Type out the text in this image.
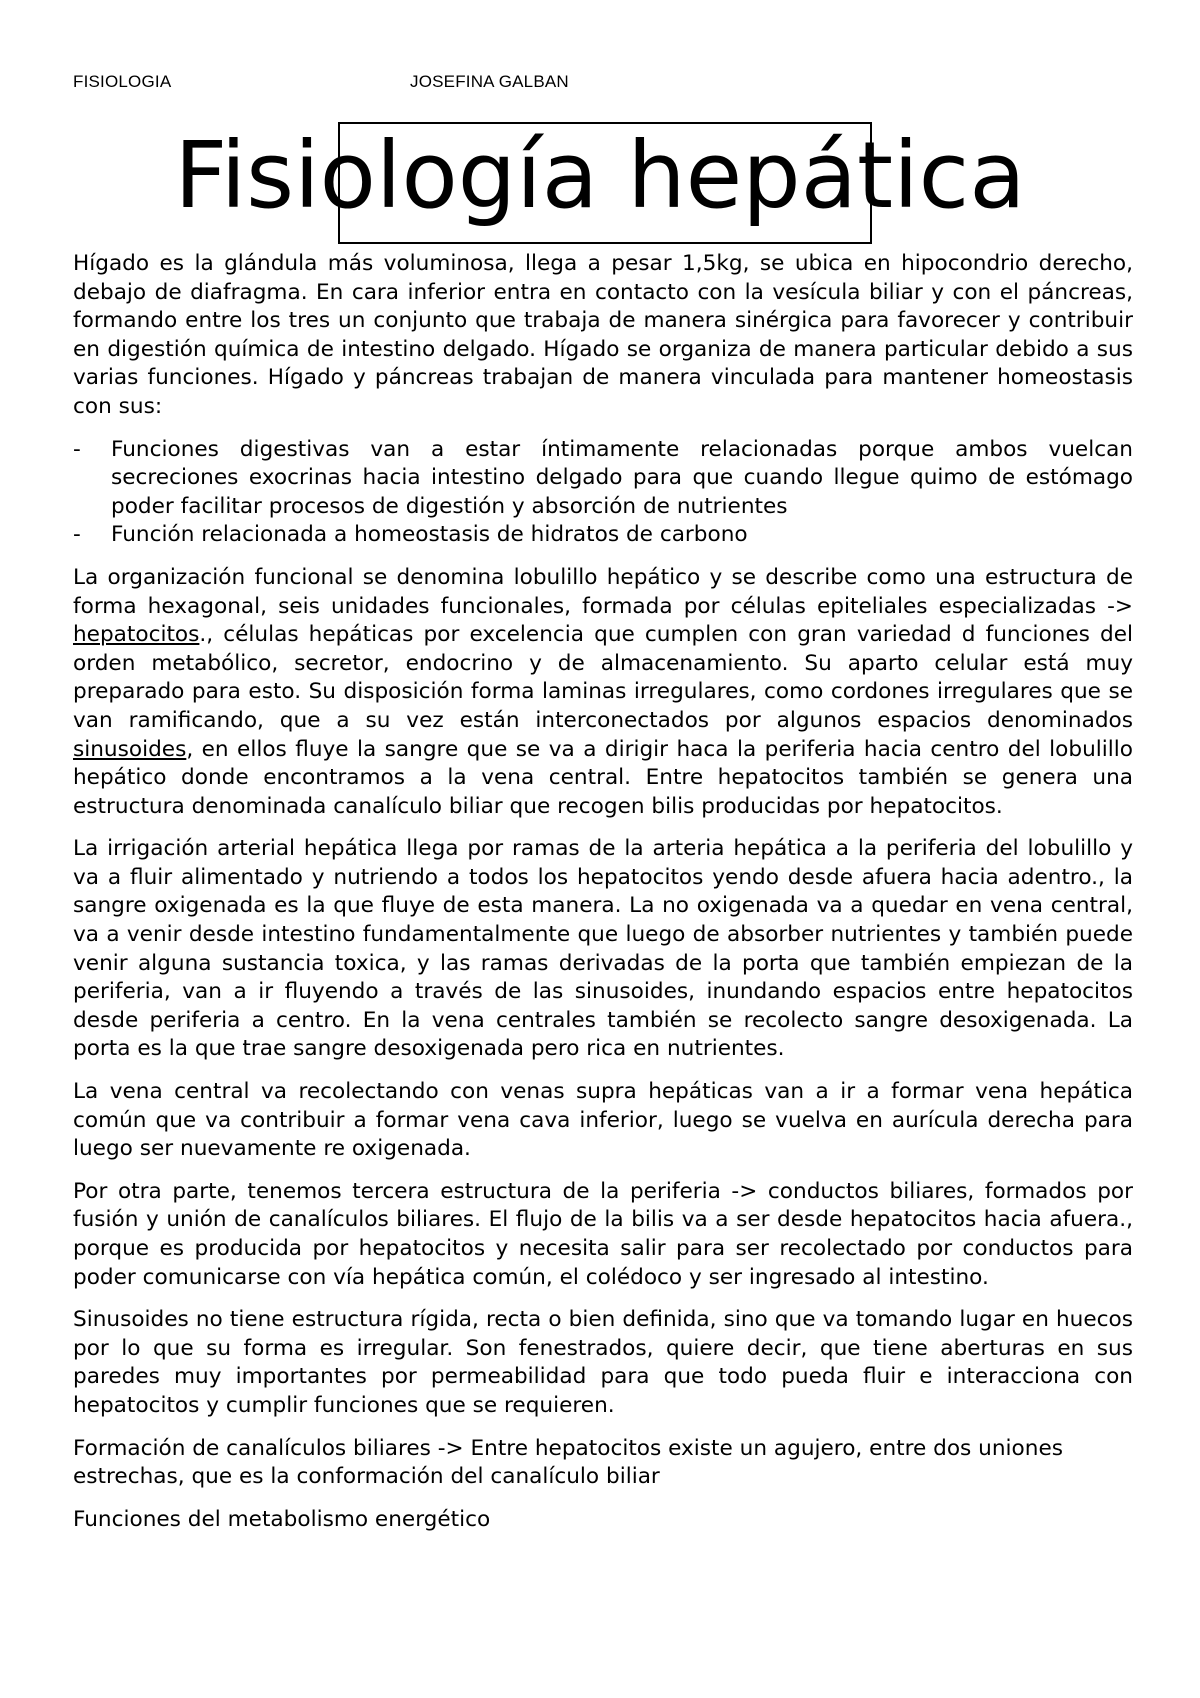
FISIOLOGIA	JOSEFINA GALBAN
Fisiología hepática

Hígado es la glándula más voluminosa, llega a pesar 1,5kg, se ubica en hipocondrio derecho, debajo de diafragma. En cara inferior entra en contacto con la vesícula biliar y con el páncreas, formando entre los tres un conjunto que trabaja de manera sinérgica para favorecer y contribuir en digestión química de intestino delgado. Hígado se organiza de manera particular debido a sus varias funciones. Hígado y páncreas trabajan de manera vinculada para mantener homeostasis con sus:

- Funciones digestivas van a estar íntimamente relacionadas porque ambos vuelcan secreciones exocrinas hacia intestino delgado para que cuando llegue quimo de estómago poder facilitar procesos de digestión y absorción de nutrientes
- Función relacionada a homeostasis de hidratos de carbono

La organización funcional se denomina lobulillo hepático y se describe como una estructura de forma hexagonal, seis unidades funcionales, formada por células epiteliales especializadas -> hepatocitos., células hepáticas por excelencia que cumplen con gran variedad d funciones del orden metabólico, secretor, endocrino y de almacenamiento. Su aparto celular está muy preparado para esto. Su disposición forma laminas irregulares, como cordones irregulares que se van ramificando, que a su vez están interconectados por algunos espacios denominados sinusoides, en ellos fluye la sangre que se va a dirigir haca la periferia hacia centro del lobulillo hepático donde encontramos a la vena central. Entre hepatocitos también se genera una estructura denominada canalículo biliar que recogen bilis producidas por hepatocitos.

La irrigación arterial hepática llega por ramas de la arteria hepática a la periferia del lobulillo y va a fluir alimentado y nutriendo a todos los hepatocitos yendo desde afuera hacia adentro., la sangre oxigenada es la que fluye de esta manera. La no oxigenada va a quedar en vena central, va a venir desde intestino fundamentalmente que luego de absorber nutrientes y también puede venir alguna sustancia toxica, y las ramas derivadas de la porta que también empiezan de la periferia, van a ir fluyendo a través de las sinusoides, inundando espacios entre hepatocitos desde periferia a centro. En la vena centrales también se recolecto sangre desoxigenada. La porta es la que trae sangre desoxigenada pero rica en nutrientes.

La vena central va recolectando con venas supra hepáticas van a ir a formar vena hepática común que va contribuir a formar vena cava inferior, luego se vuelva en aurícula derecha para luego ser nuevamente re oxigenada.

Por otra parte, tenemos tercera estructura de la periferia -> conductos biliares, formados por fusión y unión de canalículos biliares. El flujo de la bilis va a ser desde hepatocitos hacia afuera., porque es producida por hepatocitos y necesita salir para ser recolectado por conductos para poder comunicarse con vía hepática común, el colédoco y ser ingresado al intestino.

Sinusoides no tiene estructura rígida, recta o bien definida, sino que va tomando lugar en huecos por lo que su forma es irregular. Son fenestrados, quiere decir, que tiene aberturas en sus paredes muy importantes por permeabilidad para que todo pueda fluir e interacciona con hepatocitos y cumplir funciones que se requieren.

Formación de canalículos biliares -> Entre hepatocitos existe un agujero, entre dos uniones estrechas, que es la conformación del canalículo biliar

Funciones del metabolismo energético
